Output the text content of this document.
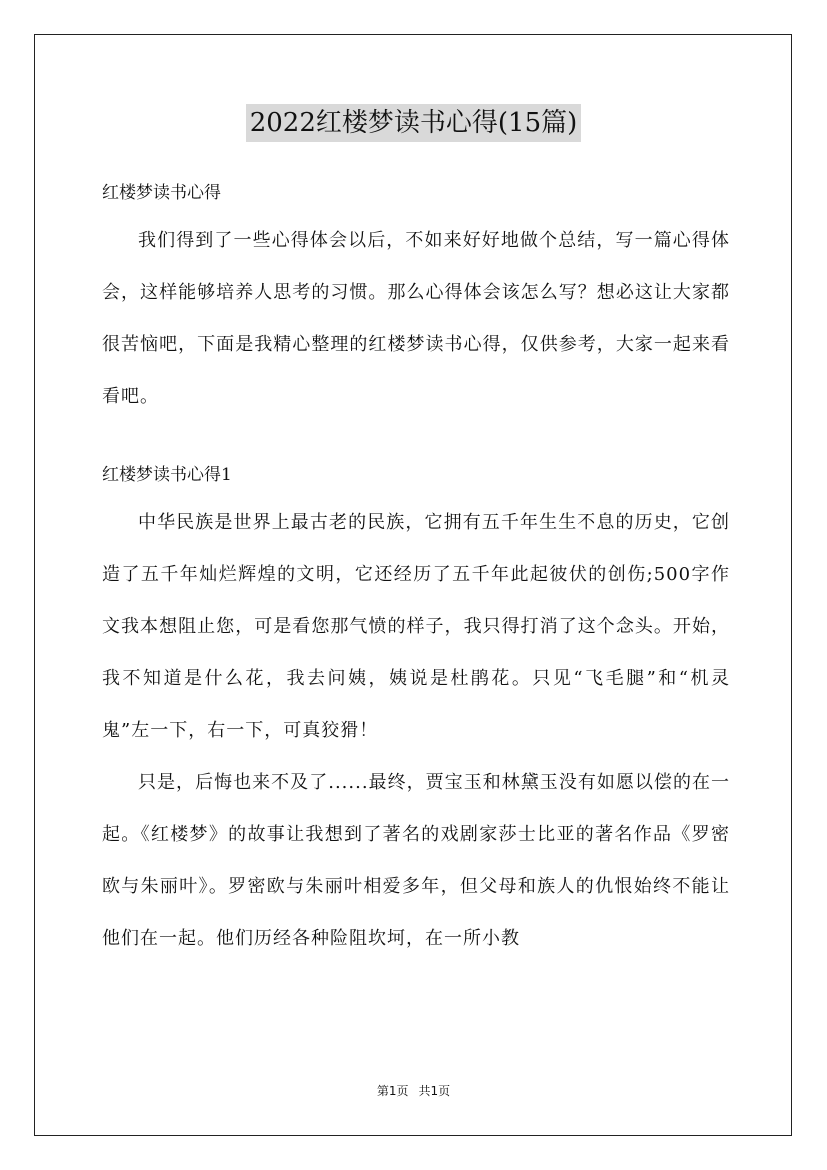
2022红楼梦读书心得(15篇)
红楼梦读书心得

我们得到了一些心得体会以后，不如来好好地做个总结，写一篇心得体会，这样能够培养人思考的习惯。那么心得体会该怎么写？想必这让大家都很苦恼吧，下面是我精心整理的红楼梦读书心得，仅供参考，大家一起来看看吧。

红楼梦读书心得1

中华民族是世界上最古老的民族，它拥有五千年生生不息的历史，它创造了五千年灿烂辉煌的文明，它还经历了五千年此起彼伏的创伤;500字作文我本想阻止您，可是看您那气愤的样子，我只得打消了这个念头。开始，我不知道是什么花，我去问姨，姨说是杜鹃花。只见“飞毛腿”和“机灵鬼”左一下，右一下，可真狡猾！

只是，后悔也来不及了......最终，贾宝玉和林黛玉没有如愿以偿的在一起。《红楼梦》的故事让我想到了著名的戏剧家莎士比亚的著名作品《罗密欧与朱丽叶》。罗密欧与朱丽叶相爱多年，但父母和族人的仇恨始终不能让他们在一起。他们历经各种险阻坎坷，在一所小教

第1页 共1页
